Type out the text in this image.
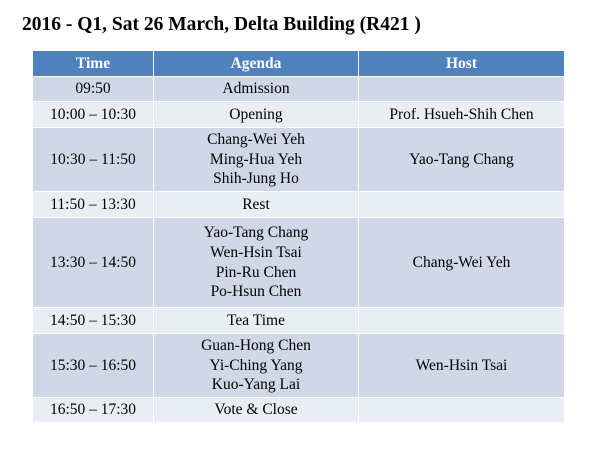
2016 - Q1, Sat 26 March, Delta Building (R421 )
Time	Agenda	Host
09:50	Admission	

10:00 – 10:30	Opening	Prof. Hsueh-Shih Chen
10:30 – 11:50	Chang-Wei Yeh
Ming-Hua Yeh
Shih-Jung Ho	Yao-Tang Chang
11:50 – 13:30	Rest	

13:30 – 14:50	Yao-Tang Chang
Wen-Hsin Tsai
Pin-Ru Chen
Po-Hsun Chen	Chang-Wei Yeh
14:50 – 15:30	Tea Time	

15:30 – 16:50	Guan-Hong Chen
Yi-Ching Yang
Kuo-Yang Lai	Wen-Hsin Tsai
16:50 – 17:30	Vote & Close	
